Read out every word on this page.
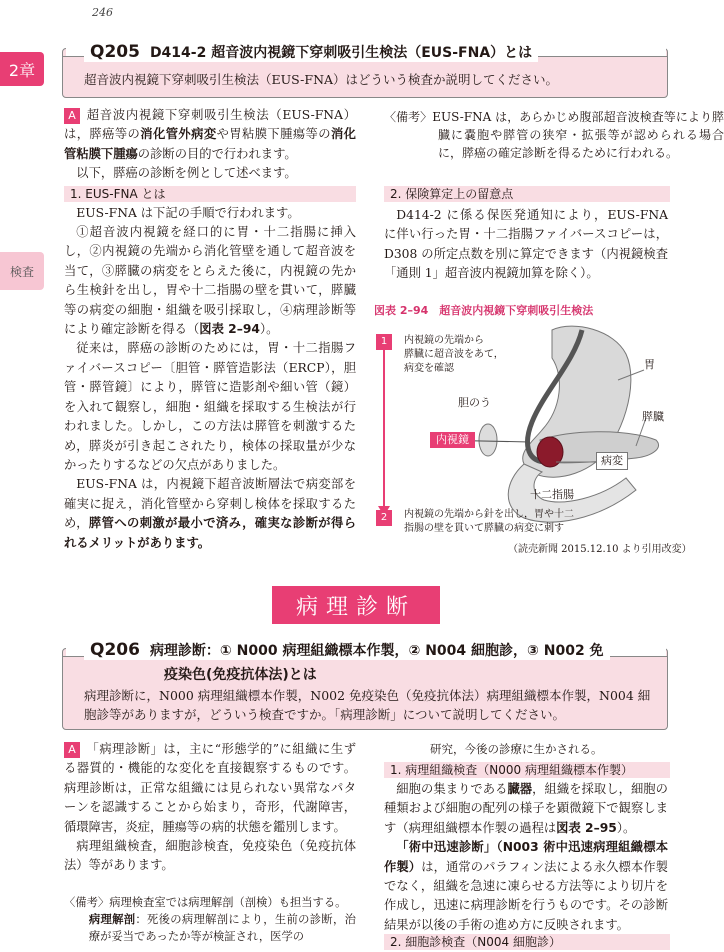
246
2章
検査
Q205 D414-2 超音波内視鏡下穿刺吸引生検法（EUS-FNA）とは
超音波内視鏡下穿刺吸引生検法（EUS-FNA）はどういう検査か説明してください。

A 超音波内視鏡下穿刺吸引生検法（EUS-FNA）は，膵癌等の消化管外病変や胃粘膜下腫瘍等の消化管粘膜下腫瘍の診断の目的で行われます。

以下，膵癌の診断を例として述べます。

1. EUS-FNA とは

EUS-FNA は下記の手順で行われます。

①超音波内視鏡を経口的に胃・十二指腸に挿入し，②内視鏡の先端から消化管壁を通して超音波を当て，③膵臓の病変をとらえた後に，内視鏡の先から生検針を出し，胃や十二指腸の壁を貫いて，膵臓等の病変の細胞・組織を吸引採取し，④病理診断等により確定診断を得る（図表 2–94）。

従来は，膵癌の診断のためには，胃・十二指腸ファイバースコピー〔胆管・膵管造影法（ERCP），胆管・膵管鏡〕により，膵管に造影剤や細い管（鏡）を入れて観察し，細胞・組織を採取する生検法が行われました。しかし，この方法は膵管を刺激するため，膵炎が引き起こされたり，検体の採取量が少なかったりするなどの欠点がありました。

EUS-FNA は，内視鏡下超音波断層法で病変部を確実に捉え，消化管壁から穿刺し検体を採取するため，膵管への刺激が最小で済み，確実な診断が得られるメリットがあります。

〈備考〉EUS-FNA は，あらかじめ腹部超音波検査等により膵臓に嚢胞や膵管の狭窄・拡張等が認められる場合に，膵癌の確定診断を得るために行われる。
2. 保険算定上の留意点
D414-2 に係る保医発通知により，EUS-FNA に伴い行った胃・十二指腸ファイバースコピーは，D308 の所定点数を別に算定できます（内視鏡検査「通則 1」超音波内視鏡加算を除く）。
図表 2–94　超音波内視鏡下穿刺吸引生検法
1	内視鏡の先端から
膵臓に超音波をあて，
病変を確認	胃
胆のう
膵臓
内視鏡
病変
十二指腸
2	内視鏡の先端から針を出し，胃や十二
指腸の壁を貫いて膵臓の病変に刺す
（読売新聞 2015.12.10 より引用改変）
病理診断
Q206 病理診断：① N000 病理組織標本作製，② N004 細胞診，③ N002 免
疫染色(免疫抗体法)とは
病理診断に，N000 病理組織標本作製，N002 免疫染色（免疫抗体法）病理組織標本作製，N004 細
胞診等がありますが，どういう検査ですか。「病理診断」について説明してください。

A 「病理診断」は，主に“形態学的”に組織に生ずる器質的・機能的な変化を直接観察するものです。病理診断は，正常な組織には見られない異常なパターンを認識することから始まり，奇形，代謝障害，循環障害，炎症，腫瘍等の病的状態を鑑別します。

病理組織検査，細胞診検査，免疫染色（免疫抗体法）等があります。

〈備考〉病理検査室では病理解剖（剖検）も担当する。
病理解剖：死後の病理解剖により，生前の診断，治療が妥当であったか等が検証され，医学の
研究，今後の診療に生かされる。
1. 病理組織検査（N000 病理組織標本作製）

細胞の集まりである臓器，組織を採取し，細胞の種類および細胞の配列の様子を顕微鏡下で観察します（病理組織標本作製の過程は図表 2–95）。

「術中迅速診断」（N003 術中迅速病理組織標本作製）は，通常のパラフィン法による永久標本作製でなく，組織を急速に凍らせる方法等により切片を作成し，迅速に病理診断を行うものです。その診断結果が以後の手術の進め方に反映されます。

2. 細胞診検査（N004 細胞診）
